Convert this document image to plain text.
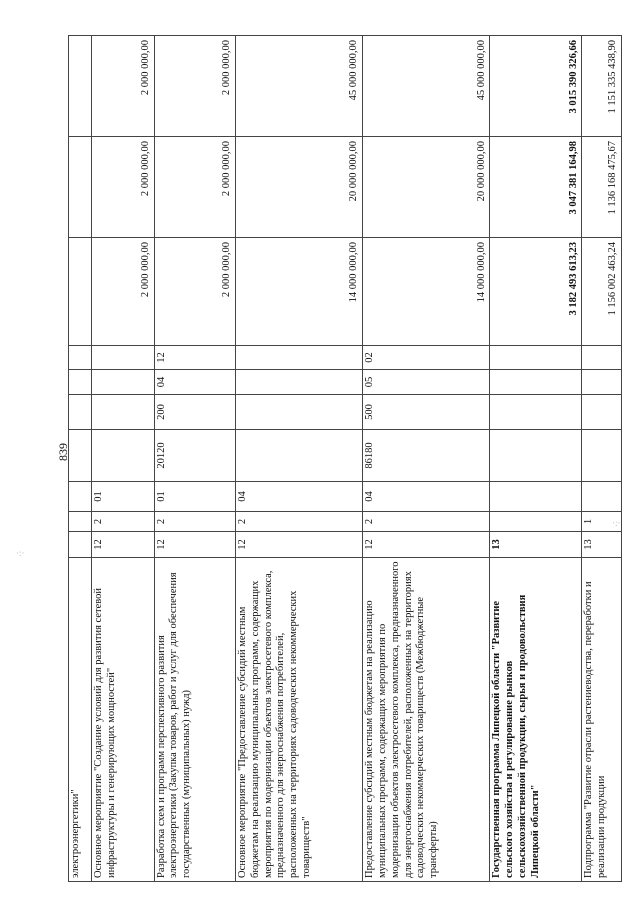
839
электроэнергетики"										
Основное мероприятие "Создание условий для развития сетевой инфраструктуры и генерирующих мощностей"	12	2	01					2 000 000,00	2 000 000,00	2 000 000,00
Разработка схем и программ перспективного развития электроэнергетики (Закупка товаров, работ и услуг для обеспечения государственных (муниципальных) нужд)	12	2	01	20120	200	04	12	2 000 000,00	2 000 000,00	2 000 000,00
Основное мероприятие "Предоставление субсидий местным бюджетам на реализацию муниципальных программ, содержащих мероприятия по модернизации объектов электросетевого комплекса, предназначенного для энергоснабжения потребителей, расположенных на территориях садоводческих некоммерческих товариществ"	12	2	04					14 000 000,00	20 000 000,00	45 000 000,00
Предоставление субсидий местным бюджетам на реализацию муниципальных программ, содержащих мероприятия по модернизации объектов электросетевого комплекса, предназначенного для энергоснабжения потребителей, расположенных на территориях садоводческих некоммерческих товариществ (Межбюджетные трансферты)	12	2	04	86180	500	05	02	14 000 000,00	20 000 000,00	45 000 000,00
Государственная программа Липецкой области "Развитие сельского хозяйства и регулирование рынков сельскохозяйственной продукции, сырья и продовольствия Липецкой области"	13							3 182 493 613,23	3 047 381 164,98	3 015 390 326,66
Подпрограмма "Развитие отрасли растениеводства, переработки и реализации продукции	13	1						1 156 002 463,24	1 136 168 475,67	1 151 335 438,90
·:·
·:·
